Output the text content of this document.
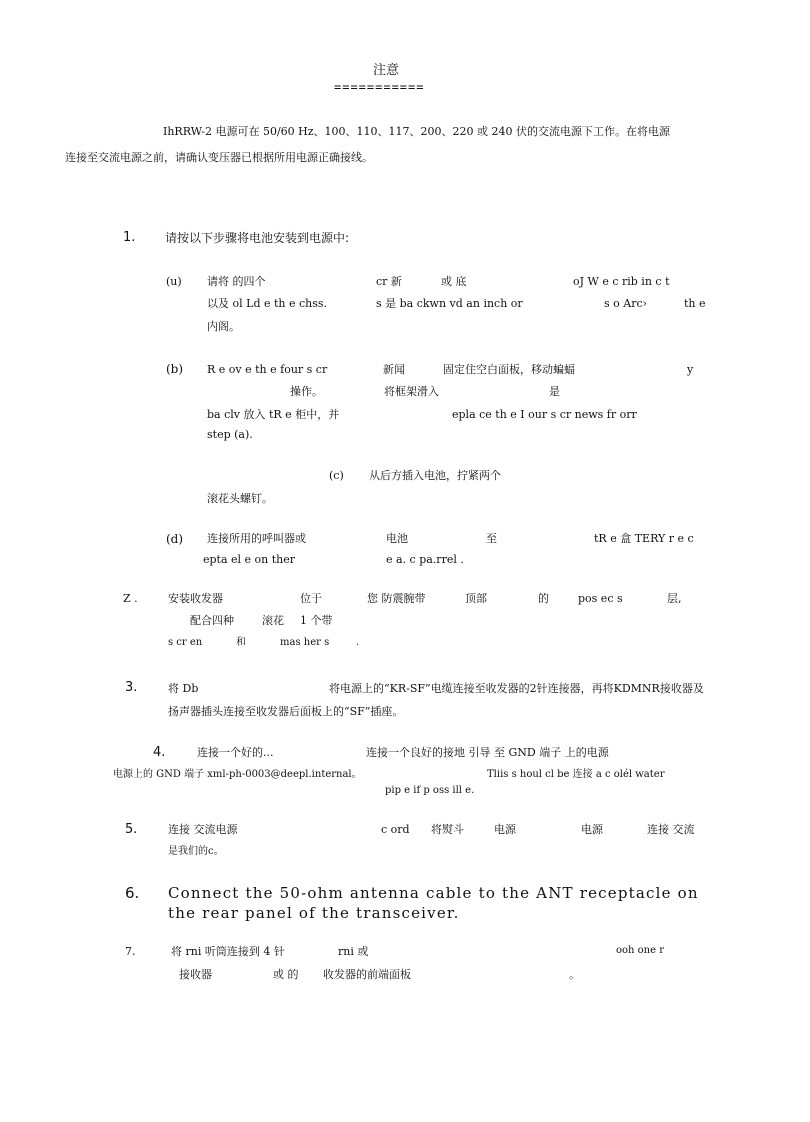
注意
===========
IhRRW-2 电源可在 50/60 Hz、100、110、117、200、220 或 240 伏的交流电源下工作。在将电源
连接至交流电源之前，请确认变压器已根据所用电源正确接线。
1. 请按以下步骤将电池安装到电源中:
(u) 请将 的四个	cr 新	或 底	oJ W e c rib in c t
以及 ol Ld e th e chss.	s 是 ba ckwn vd an inch or	s o Arc›	th e
内阁。
(b) R e ov e th e four s cr	新闻	固定住空白面板，移动蝙蝠	y
操作。	将框架滑入	是
ba clv 放入 tR e 柜中，并	epla ce th e I our s cr news fr orr
step (a).
(c) 从后方插入电池，拧紧两个
滚花头螺钉。
(d) 连接所用的呼叫器或	电池	至	tR e 盒 TERY r e c
epta el e on ther	e a. c pa.rrel .
Z .	安装收发器	位于	您 防震腕带	顶部	的	pos ec s	层,
配合四种	滚花 1 个带
s cr en	和	mas her s	.
3.	将 Db	将电源上的“KR-SF”电缆连接至收发器的2针连接器，再将KDMNR接收器及
扬声器插头连接至收发器后面板上的“SF”插座。
4.	连接一个好的...	连接一个良好的接地 引导 至 GND 端子 上的电源
电源上的 GND 端子 xml-ph-0003@deepl.internal。	Tliis s houl cl be 连接 a c olél water
pip e if p oss ill e.
5.	连接 交流电源	c ord 将熨斗	电源	电源	连接 交流
是我们的c。
6. Connect the 50-ohm antenna cable to the ANT receptacle on
the rear panel of the transceiver.
7.	将 rni 听筒连接到 4 针	rni 或	ooh one r
接收器	或 的 收发器的前端面板	。
